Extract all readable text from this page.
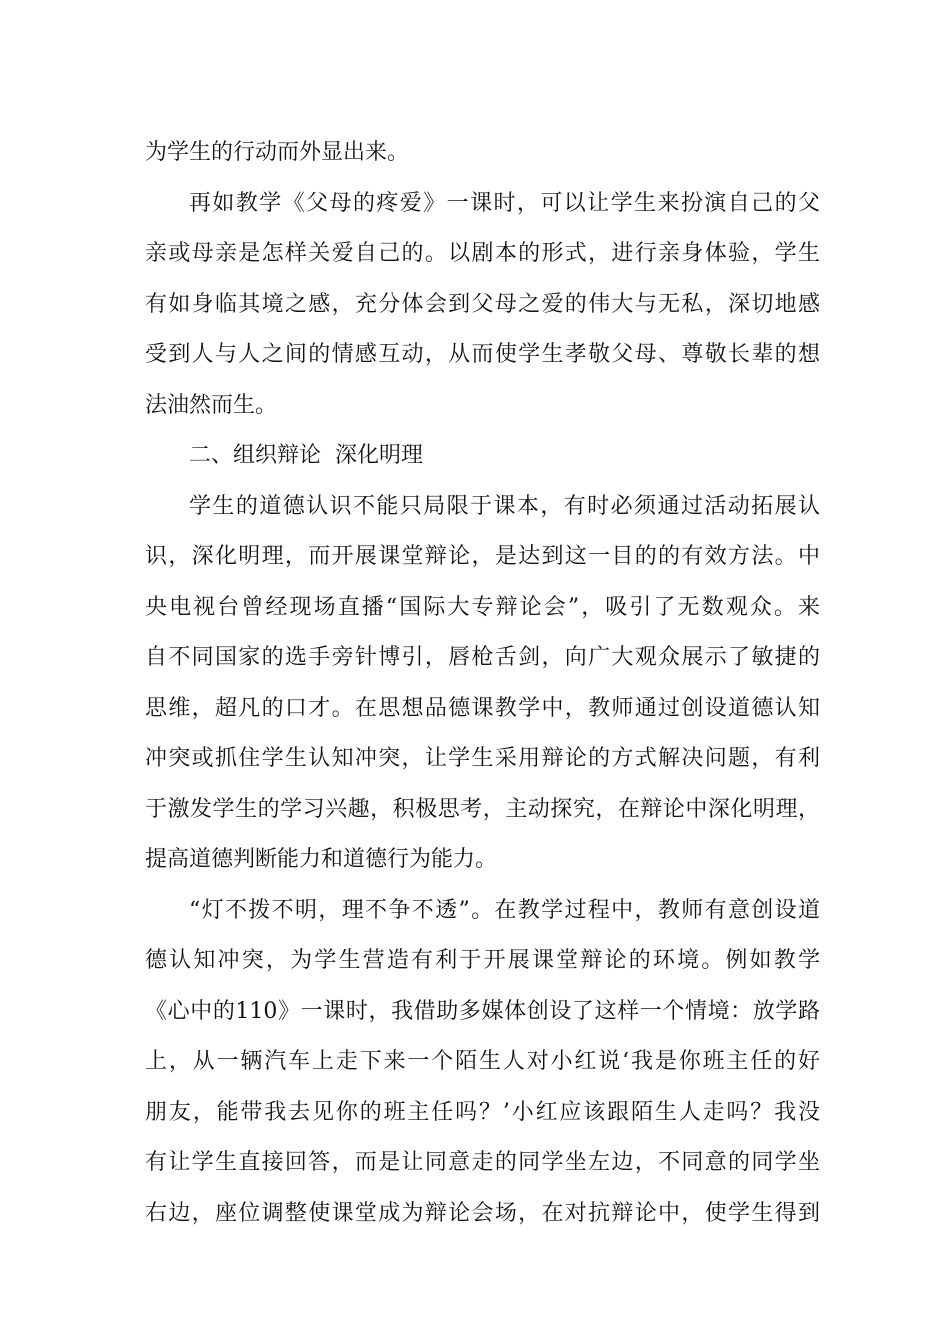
为学生的行动而外显出来。
再如教学《父母的疼爱》一课时，可以让学生来扮演自己的父
亲或母亲是怎样关爱自己的。以剧本的形式，进行亲身体验，学生
有如身临其境之感，充分体会到父母之爱的伟大与无私，深切地感
受到人与人之间的情感互动，从而使学生孝敬父母、尊敬长辈的想
法油然而生。
二、组织辩论  深化明理
学生的道德认识不能只局限于课本，有时必须通过活动拓展认
识，深化明理，而开展课堂辩论，是达到这一目的的有效方法。中
央电视台曾经现场直播“国际大专辩论会”，吸引了无数观众。来
自不同国家的选手旁针博引，唇枪舌剑，向广大观众展示了敏捷的
思维，超凡的口才。在思想品德课教学中，教师通过创设道德认知
冲突或抓住学生认知冲突，让学生采用辩论的方式解决问题，有利
于激发学生的学习兴趣，积极思考，主动探究，在辩论中深化明理，
提高道德判断能力和道德行为能力。
“灯不拨不明，理不争不透”。在教学过程中，教师有意创设道
德认知冲突，为学生营造有利于开展课堂辩论的环境。例如教学
《心中的110》一课时，我借助多媒体创设了这样一个情境：放学路
上，从一辆汽车上走下来一个陌生人对小红说‘我是你班主任的好
朋友，能带我去见你的班主任吗？’小红应该跟陌生人走吗？我没
有让学生直接回答，而是让同意走的同学坐左边，不同意的同学坐
右边，座位调整使课堂成为辩论会场，在对抗辩论中，使学生得到
